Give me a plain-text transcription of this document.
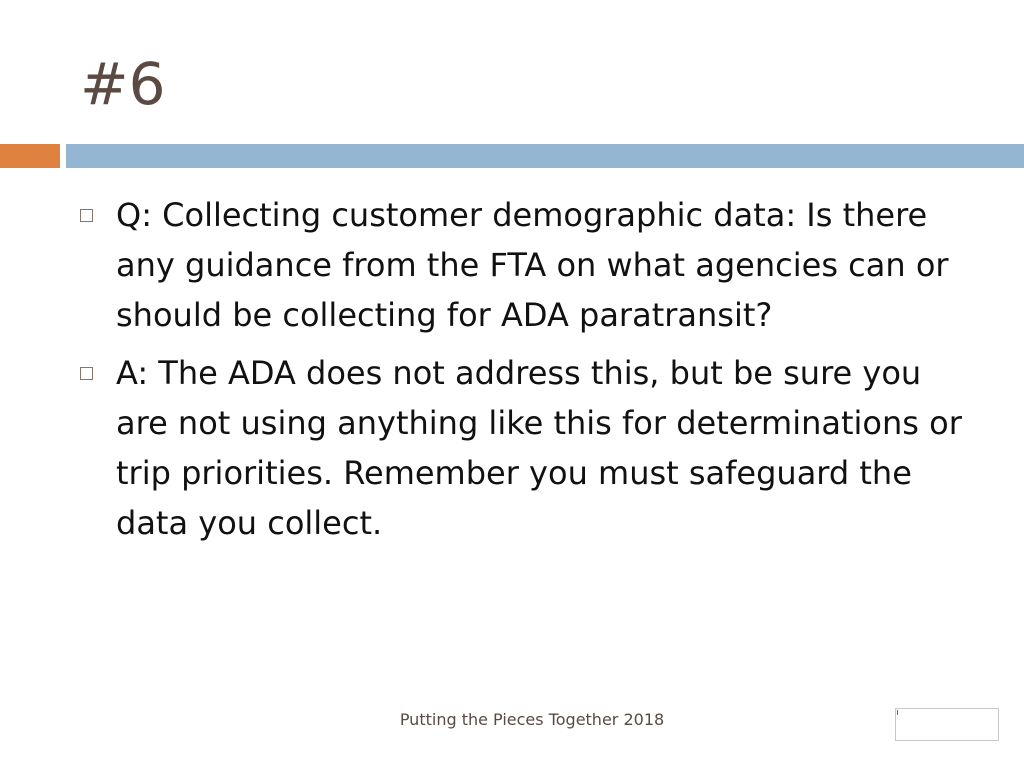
#6
Q: Collecting customer demographic data: Is there any guidance from the FTA on what agencies can or should be collecting for ADA paratransit?
A: The ADA does not address this, but be sure you are not using anything like this for determinations or trip priorities. Remember you must safeguard the data you collect.
Putting the Pieces Together 2018
